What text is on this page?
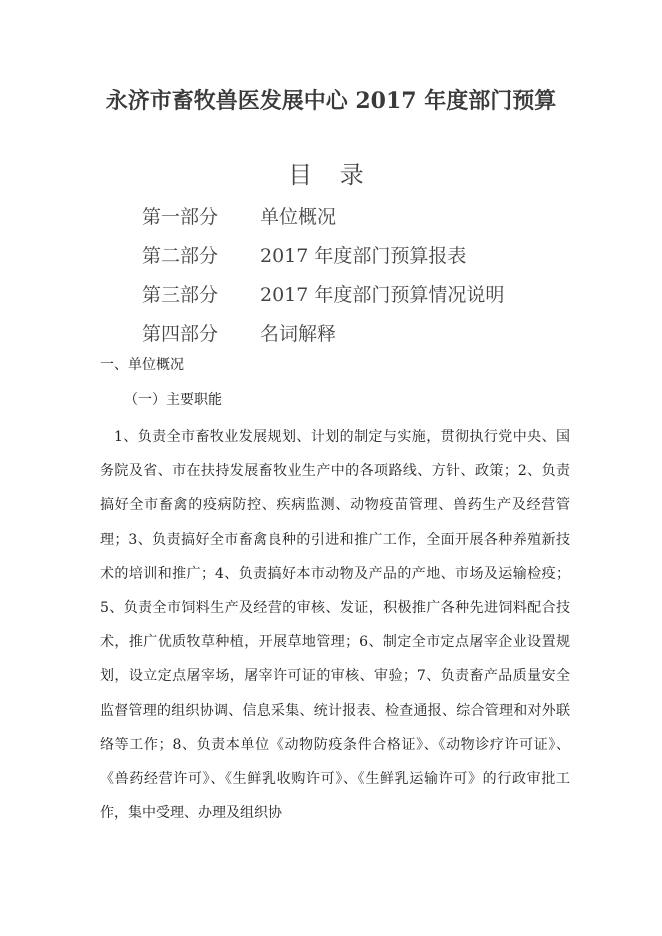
永济市畜牧兽医发展中心 2017 年度部门预算
目 录
第一部分 单位概况
第二部分 2017 年度部门预算报表
第三部分 2017 年度部门预算情况说明
第四部分 名词解释
一、单位概况
（一）主要职能

1、负责全市畜牧业发展规划、计划的制定与实施，贯彻执行党中央、国务院及省、市在扶持发展畜牧业生产中的各项路线、方针、政策；2、负责搞好全市畜禽的疫病防控、疾病监测、动物疫苗管理、兽药生产及经营管理；3、负责搞好全市畜禽良种的引进和推广工作，全面开展各种养殖新技术的培训和推广；4、负责搞好本市动物及产品的产地、市场及运输检疫；5、负责全市饲料生产及经营的审核、发证，积极推广各种先进饲料配合技术，推广优质牧草种植，开展草地管理；6、制定全市定点屠宰企业设置规划，设立定点屠宰场，屠宰许可证的审核、审验；7、负责畜产品质量安全监督管理的组织协调、信息采集、统计报表、检查通报、综合管理和对外联络等工作；8、负责本单位《动物防疫条件合格证》、《动物诊疗许可证》、《兽药经营许可》、《生鲜乳收购许可》、《生鲜乳运输许可》的行政审批工作，集中受理、办理及组织协
